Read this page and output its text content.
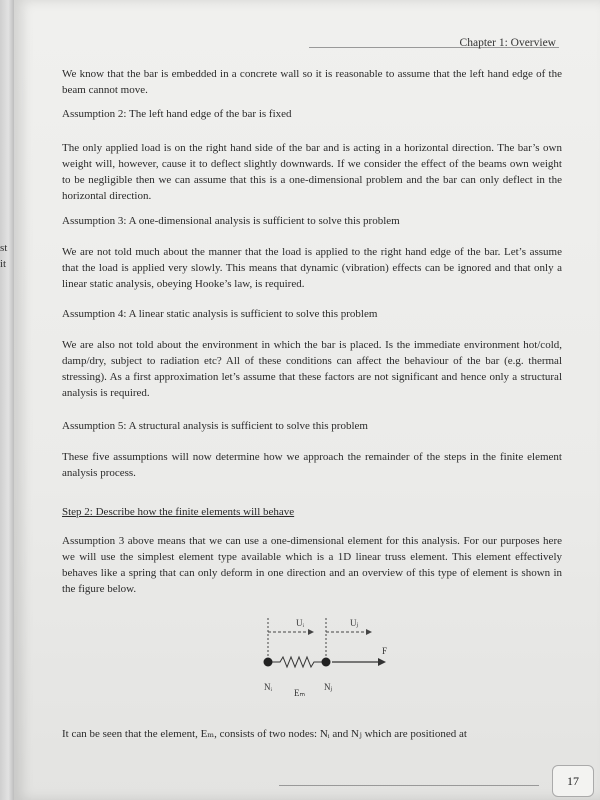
st
it
Chapter 1: Overview

We know that the bar is embedded in a concrete wall so it is reasonable to assume that the left hand edge of the beam cannot move.

Assumption 2: The left hand edge of the bar is fixed

The only applied load is on the right hand side of the bar and is acting in a horizontal direction. The bar’s own weight will, however, cause it to deflect slightly downwards. If we consider the effect of the beams own weight to be negligible then we can assume that this is a one-dimensional problem and the bar can only deflect in the horizontal direction.

Assumption 3: A one-dimensional analysis is sufficient to solve this problem

We are not told much about the manner that the load is applied to the right hand edge of the bar. Let’s assume that the load is applied very slowly. This means that dynamic (vibration) effects can be ignored and that only a linear static analysis, obeying Hooke’s law, is required.

Assumption 4: A linear static analysis is sufficient to solve this problem

We are also not told about the environment in which the bar is placed. Is the immediate environment hot/cold, damp/dry, subject to radiation etc? All of these conditions can affect the behaviour of the bar (e.g. thermal stressing). As a first approximation let’s assume that these factors are not significant and hence only a structural analysis is required.

Assumption 5: A structural analysis is sufficient to solve this problem

These five assumptions will now determine how we approach the remainder of the steps in the finite element analysis process.

Step 2: Describe how the finite elements will behave

Assumption 3 above means that we can use a one-dimensional element for this analysis. For our purposes here we will use the simplest element type available which is a 1D linear truss element. This element effectively behaves like a spring that can only deform in one direction and an overview of this type of element is shown in the figure below.

Uᵢ	Uⱼ
F
Nᵢ
Eₘ
Nⱼ

It can be seen that the element, Eₘ, consists of two nodes: Nᵢ and Nⱼ which are positioned at

17
